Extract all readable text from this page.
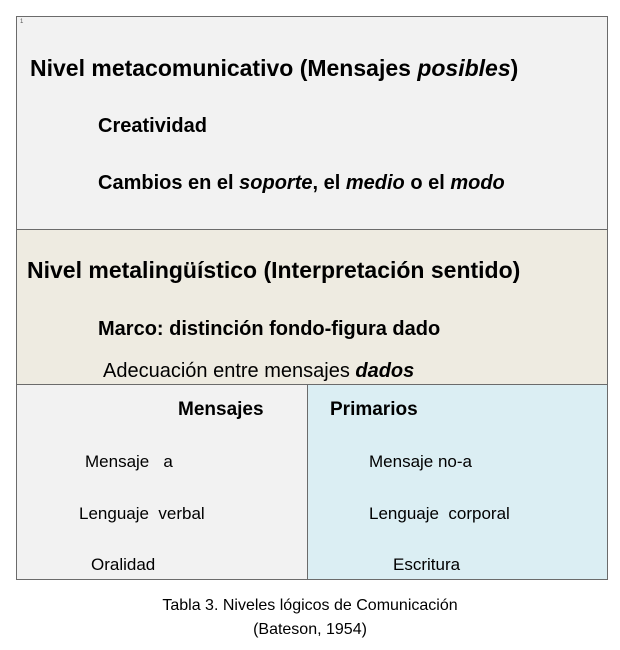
1
Nivel metacomunicativo (Mensajes posibles)
Creatividad
Cambios en el soporte, el medio o el modo
Nivel metalingüístico (Interpretación sentido)
Marco: distinción fondo-figura dado
Adecuación entre mensajes dados
Mensajes
Mensaje   a
Lenguaje  verbal
Oralidad
Primarios
Mensaje no-a
Lenguaje  corporal
Escritura
Tabla 3. Niveles lógicos de Comunicación
(Bateson, 1954)
